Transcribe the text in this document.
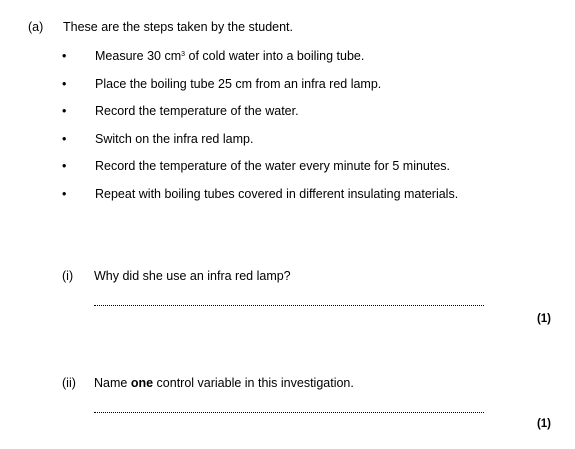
(a) These are the steps taken by the student.
• Measure 30 $cm^3$ of cold water into a boiling tube.
• Place the boiling tube 25 cm from an infra red lamp.
• Record the temperature of the water.
• Switch on the infra red lamp.
• Record the temperature of the water every minute for 5 minutes.
• Repeat with boiling tubes covered in different insulating materials.
(i) Why did she use an infra red lamp?
(1)
(ii) Name one control variable in this investigation.
(1)
